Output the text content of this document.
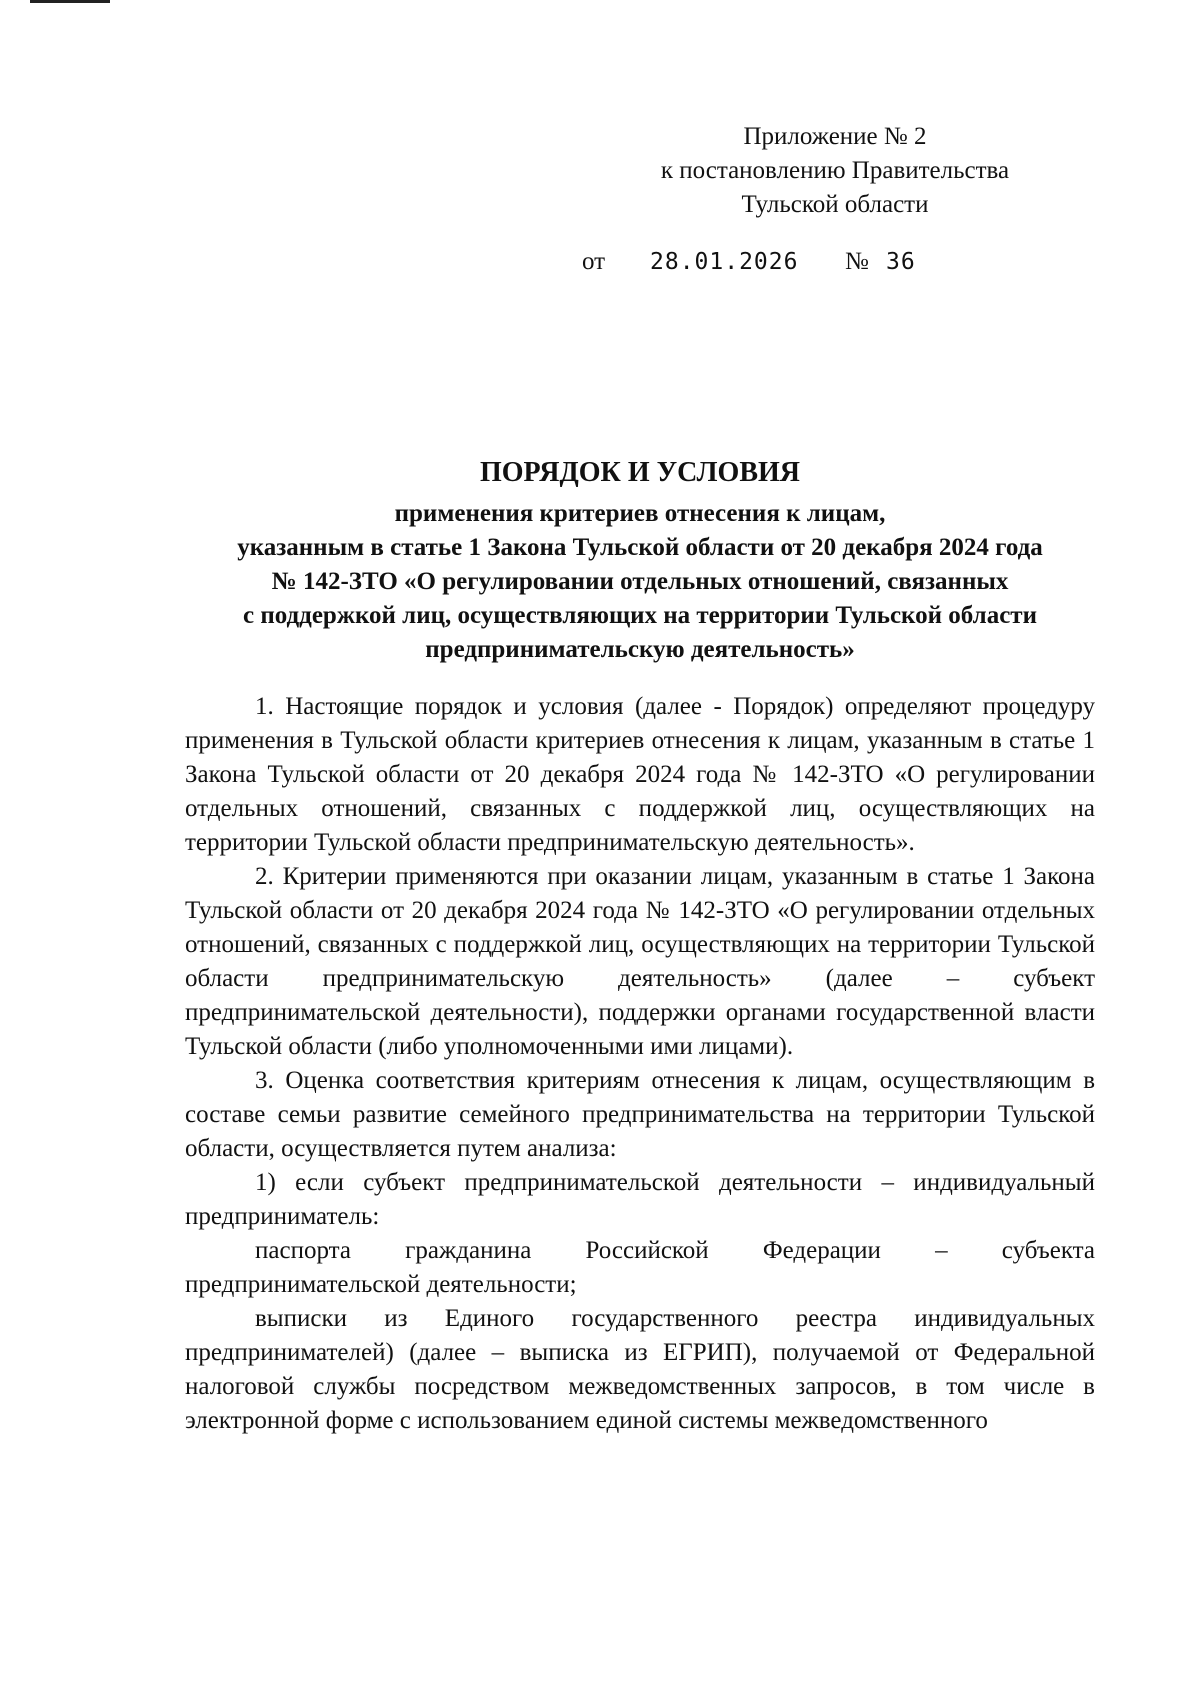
Приложение № 2
к постановлению Правительства
Тульской области
от 28.01.2026 № 36
ПОРЯДОК И УСЛОВИЯ
применения критериев отнесения к лицам,
указанным в статье 1 Закона Тульской области от 20 декабря 2024 года
№ 142-ЗТО «О регулировании отдельных отношений, связанных
с поддержкой лиц, осуществляющих на территории Тульской области
предпринимательскую деятельность»

1. Настоящие порядок и условия (далее - Порядок) определяют процедуру применения в Тульской области критериев отнесения к лицам, указанным в статье 1 Закона Тульской области от 20 декабря 2024 года № 142-ЗТО «О регулировании отдельных отношений, связанных с поддержкой лиц, осуществляющих на территории Тульской области предпринимательскую деятельность».

2. Критерии применяются при оказании лицам, указанным в статье 1 Закона Тульской области от 20 декабря 2024 года № 142-ЗТО «О регулировании отдельных отношений, связанных с поддержкой лиц, осуществляющих на территории Тульской области предпринимательскую деятельность» (далее – субъект предпринимательской деятельности), поддержки органами государственной власти Тульской области (либо уполномоченными ими лицами).

3. Оценка соответствия критериям отнесения к лицам, осуществляющим в составе семьи развитие семейного предпринимательства на территории Тульской области, осуществляется путем анализа:

1) если субъект предпринимательской деятельности – индивидуальный предприниматель:

паспорта гражданина Российской Федерации – субъекта предпринимательской деятельности;

выписки из Единого государственного реестра индивидуальных предпринимателей) (далее – выписка из ЕГРИП), получаемой от Федеральной налоговой службы посредством межведомственных запросов, в том числе в электронной форме с использованием единой системы межведомственного
